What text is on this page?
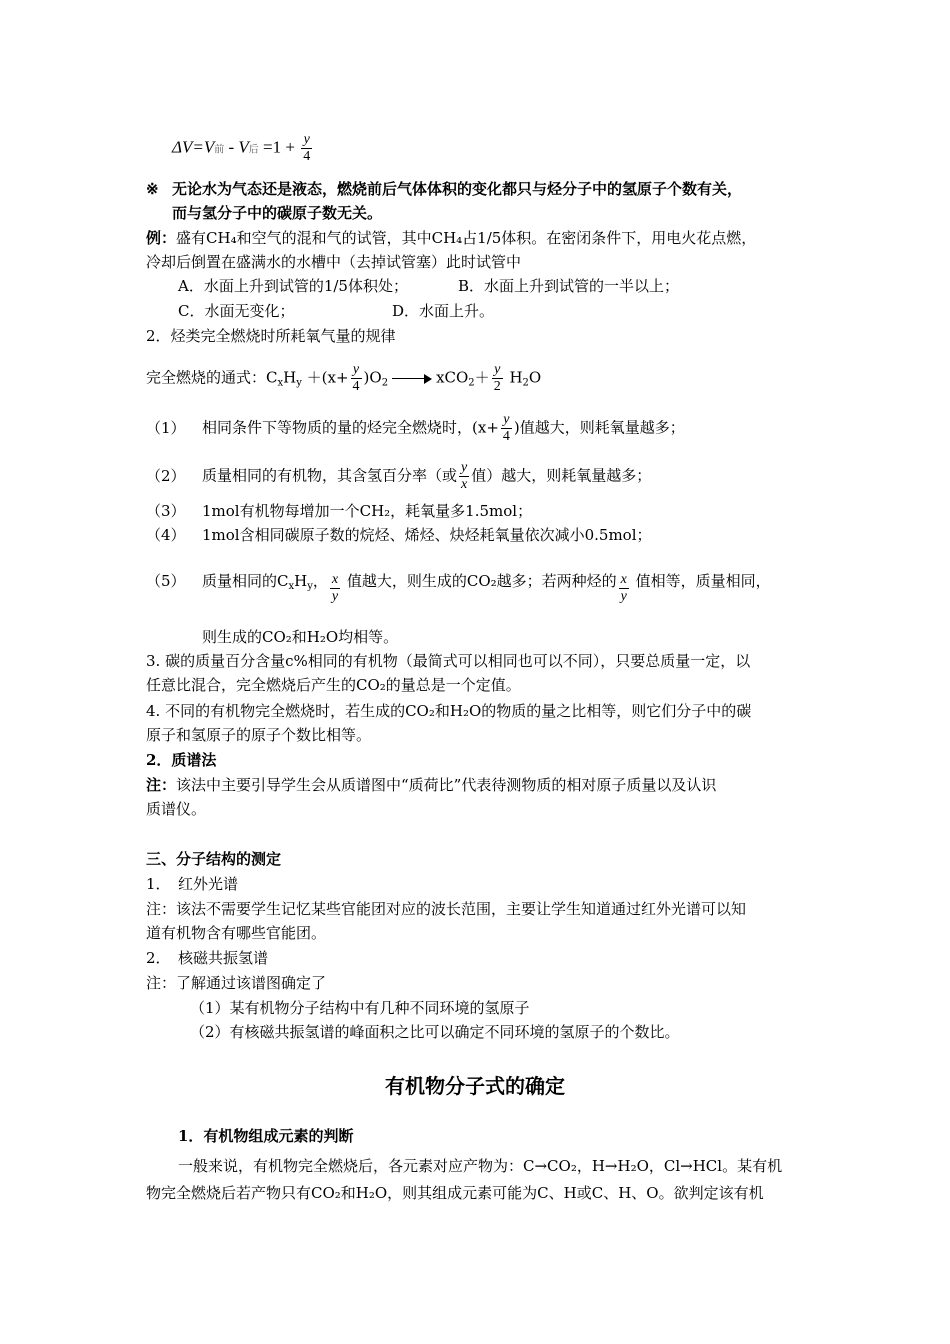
ΔV=V前 - V后 $=1 + \frac{y}{4}$
※ 无论水为气态还是液态，燃烧前后气体体积的变化都只与烃分子中的氢原子个数有关，
而与氢分子中的碳原子数无关。
例：盛有CH₄和空气的混和气的试管，其中CH₄占1/5体积。在密闭条件下，用电火花点燃，
冷却后倒置在盛满水的水槽中（去掉试管塞）此时试管中
A．水面上升到试管的1/5体积处；	B．水面上升到试管的一半以上；
C．水面无变化；	D．水面上升。
2．烃类完全燃烧时所耗氧气量的规律
完全燃烧的通式：$C_xH_y +(x+ \frac{y}{4} )O_2$	$xCO_2+ \frac{y}{2} H_2O$
（1） 相同条件下等物质的量的烃完全燃烧时，($x+ \frac{y}{4}$ )值越大，则耗氧量越多；
（2） 质量相同的有机物，其含氢百分率（或 $\frac{y}{x}$ 值）越大，则耗氧量越多；
（3） 1mol有机物每增加一个CH₂，耗氧量多1.5mol；
（4） 1mol含相同碳原子数的烷烃、烯烃、炔烃耗氧量依次减小0.5mol；
（5） 质量相同的$C_xH_y$， $\frac{x}{y}$ 值越大，则生成的CO₂越多；若两种烃的 $\frac{x}{y}$ 值相等，质量相同，
则生成的CO₂和H₂O均相等。
3. 碳的质量百分含量c%相同的有机物（最简式可以相同也可以不同），只要总质量一定，以
任意比混合，完全燃烧后产生的CO₂的量总是一个定值。
4. 不同的有机物完全燃烧时，若生成的CO₂和H₂O的物质的量之比相等，则它们分子中的碳
原子和氢原子的原子个数比相等。
2．质谱法
注：该法中主要引导学生会从质谱图中“质荷比”代表待测物质的相对原子质量以及认识
质谱仪。
三、分子结构的测定
1．　红外光谱
注：该法不需要学生记忆某些官能团对应的波长范围，主要让学生知道通过红外光谱可以知
道有机物含有哪些官能团。
2．　核磁共振氢谱
注：了解通过该谱图确定了
（1）某有机物分子结构中有几种不同环境的氢原子
（2）有核磁共振氢谱的峰面积之比可以确定不同环境的氢原子的个数比。
有机物分子式的确定
1．有机物组成元素的判断
一般来说，有机物完全燃烧后，各元素对应产物为：C→CO₂，H→H₂O，Cl→HCl。某有机
物完全燃烧后若产物只有CO₂和H₂O，则其组成元素可能为C、H或C、H、O。欲判定该有机
